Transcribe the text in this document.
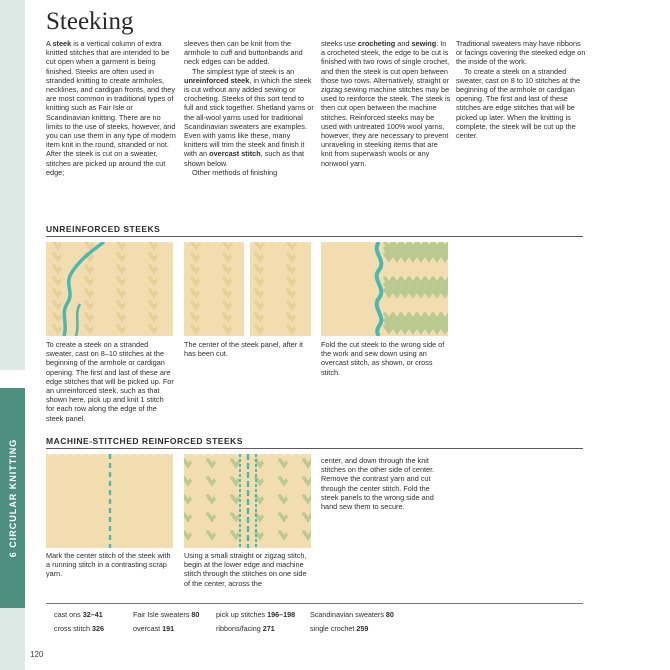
6 CIRCULAR KNITTING
Steeking

A steek is a vertical column of extra knitted stitches that are intended to be cut open when a garment is being finished. Steeks are often used in stranded knitting to create armholes, necklines, and cardigan fronts, and they are most common in traditional types of knitting such as Fair Isle or Scandinavian knitting. There are no limits to the use of steeks, however, and you can use them in any type of modern item knit in the round, stranded or not. After the steek is cut on a sweater, stitches are picked up around the cut edge;

sleeves then can be knit from the armhole to cuff and buttonbands and neck edges can be added.

The simplest type of steek is an unreinforced steek, in which the steek is cut without any added sewing or crocheting. Steeks of this sort tend to full and stick together. Shetland yarns or the all-wool yarns used for traditional Scandinavian sweaters are examples. Even with yarns like these, many knitters will trim the steek and finish it with an overcast stitch, such as that shown below.

Other methods of finishing

steeks use crocheting and sewing. In a crocheted steek, the edge to be cut is finished with two rows of single crochet, and then the steek is cut open between those two rows. Alternatively, straight or zigzag sewing machine stitches may be used to reinforce the steek. The steek is then cut open between the machine stitches. Reinforced steeks may be used with untreated 100% wool yarns, however, they are necessary to prevent unraveling in steeking items that are knit from superwash wools or any nonwool yarn.

Traditional sweaters may have ribbons or facings covering the steeked edge on the inside of the work.

To create a steek on a stranded sweater, cast on 8 to 10 stitches at the beginning of the armhole or cardigan opening. The first and last of these stitches are edge stitches that will be picked up later. When the knitting is complete, the steek will be cut up the center.

UNREINFORCED STEEKS

To create a steek on a stranded sweater, cast on 8–10 stitches at the beginning of the armhole or cardigan opening. The first and last of these are edge stitches that will be picked up. For an unreinforced steek, such as that shown here, pick up and knit 1 stitch for each row along the edge of the steek panel.

The center of the steek panel, after it has been cut.

Fold the cut steek to the wrong side of the work and sew down using an overcast stitch, as shown, or cross stitch.

MACHINE-STITCHED REINFORCED STEEKS

Mark the center stitch of the steek with a running stitch in a contrasting scrap yarn.

Using a small straight or zigzag stitch, begin at the lower edge and machine stitch through the stitches on one side of the center, across the

center, and down through the knit stitches on the other side of center. Remove the contrast yarn and cut through the center stitch. Fold the steek panels to the wrong side and hand sew them to secure.

cast ons 32–41	Fair Isle sweaters 80 pick up stitches 196–198 Scandinavian sweaters 80
cross stitch 326	overcast 191	ribbons/facing 271	single crochet 259
120
